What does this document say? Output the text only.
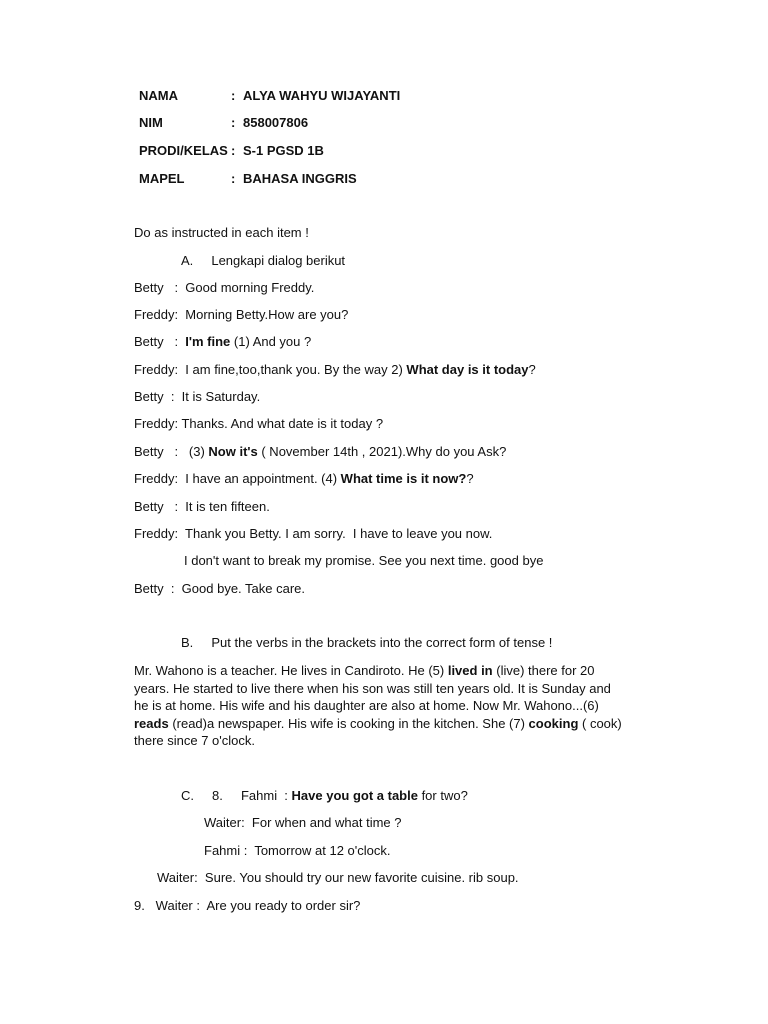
NAMA	: ALYA WAHYU WIJAYANTI
NIM	: 858007806
PRODI/KELAS : S-1 PGSD 1B
MAPEL	: BAHASA INGGRIS
Do as instructed in each item !
A.     Lengkapi dialog berikut
Betty   :  Good morning Freddy.
Freddy:  Morning Betty.How are you?
Betty   :  I'm fine (1) And you ?
Freddy:  I am fine,too,thank you. By the way 2) What day is it today?
Betty  :  It is Saturday.
Freddy: Thanks. And what date is it today ?
Betty   :   (3) Now it's ( November 14th , 2021).Why do you Ask?
Freddy:  I have an appointment. (4) What time is it now??
Betty   :  It is ten fifteen.
Freddy:  Thank you Betty. I am sorry.  I have to leave you now.
I don't want to break my promise. See you next time. good bye
Betty  :  Good bye. Take care.
B.     Put the verbs in the brackets into the correct form of tense !
Mr. Wahono is a teacher. He lives in Candiroto. He (5) lived in (live) there for 20 years. He started to live there when his son was still ten years old. It is Sunday and he is at home. His wife and his daughter are also at home. Now Mr. Wahono...(6) reads (read)a newspaper. His wife is cooking in the kitchen. She (7) cooking ( cook) there since 7 o'clock.
C.     8.     Fahmi  : Have you got a table for two?
Waiter:  For when and what time ?
Fahmi :  Tomorrow at 12 o'clock.
Waiter:  Sure. You should try our new favorite cuisine. rib soup.
9.   Waiter :  Are you ready to order sir?
